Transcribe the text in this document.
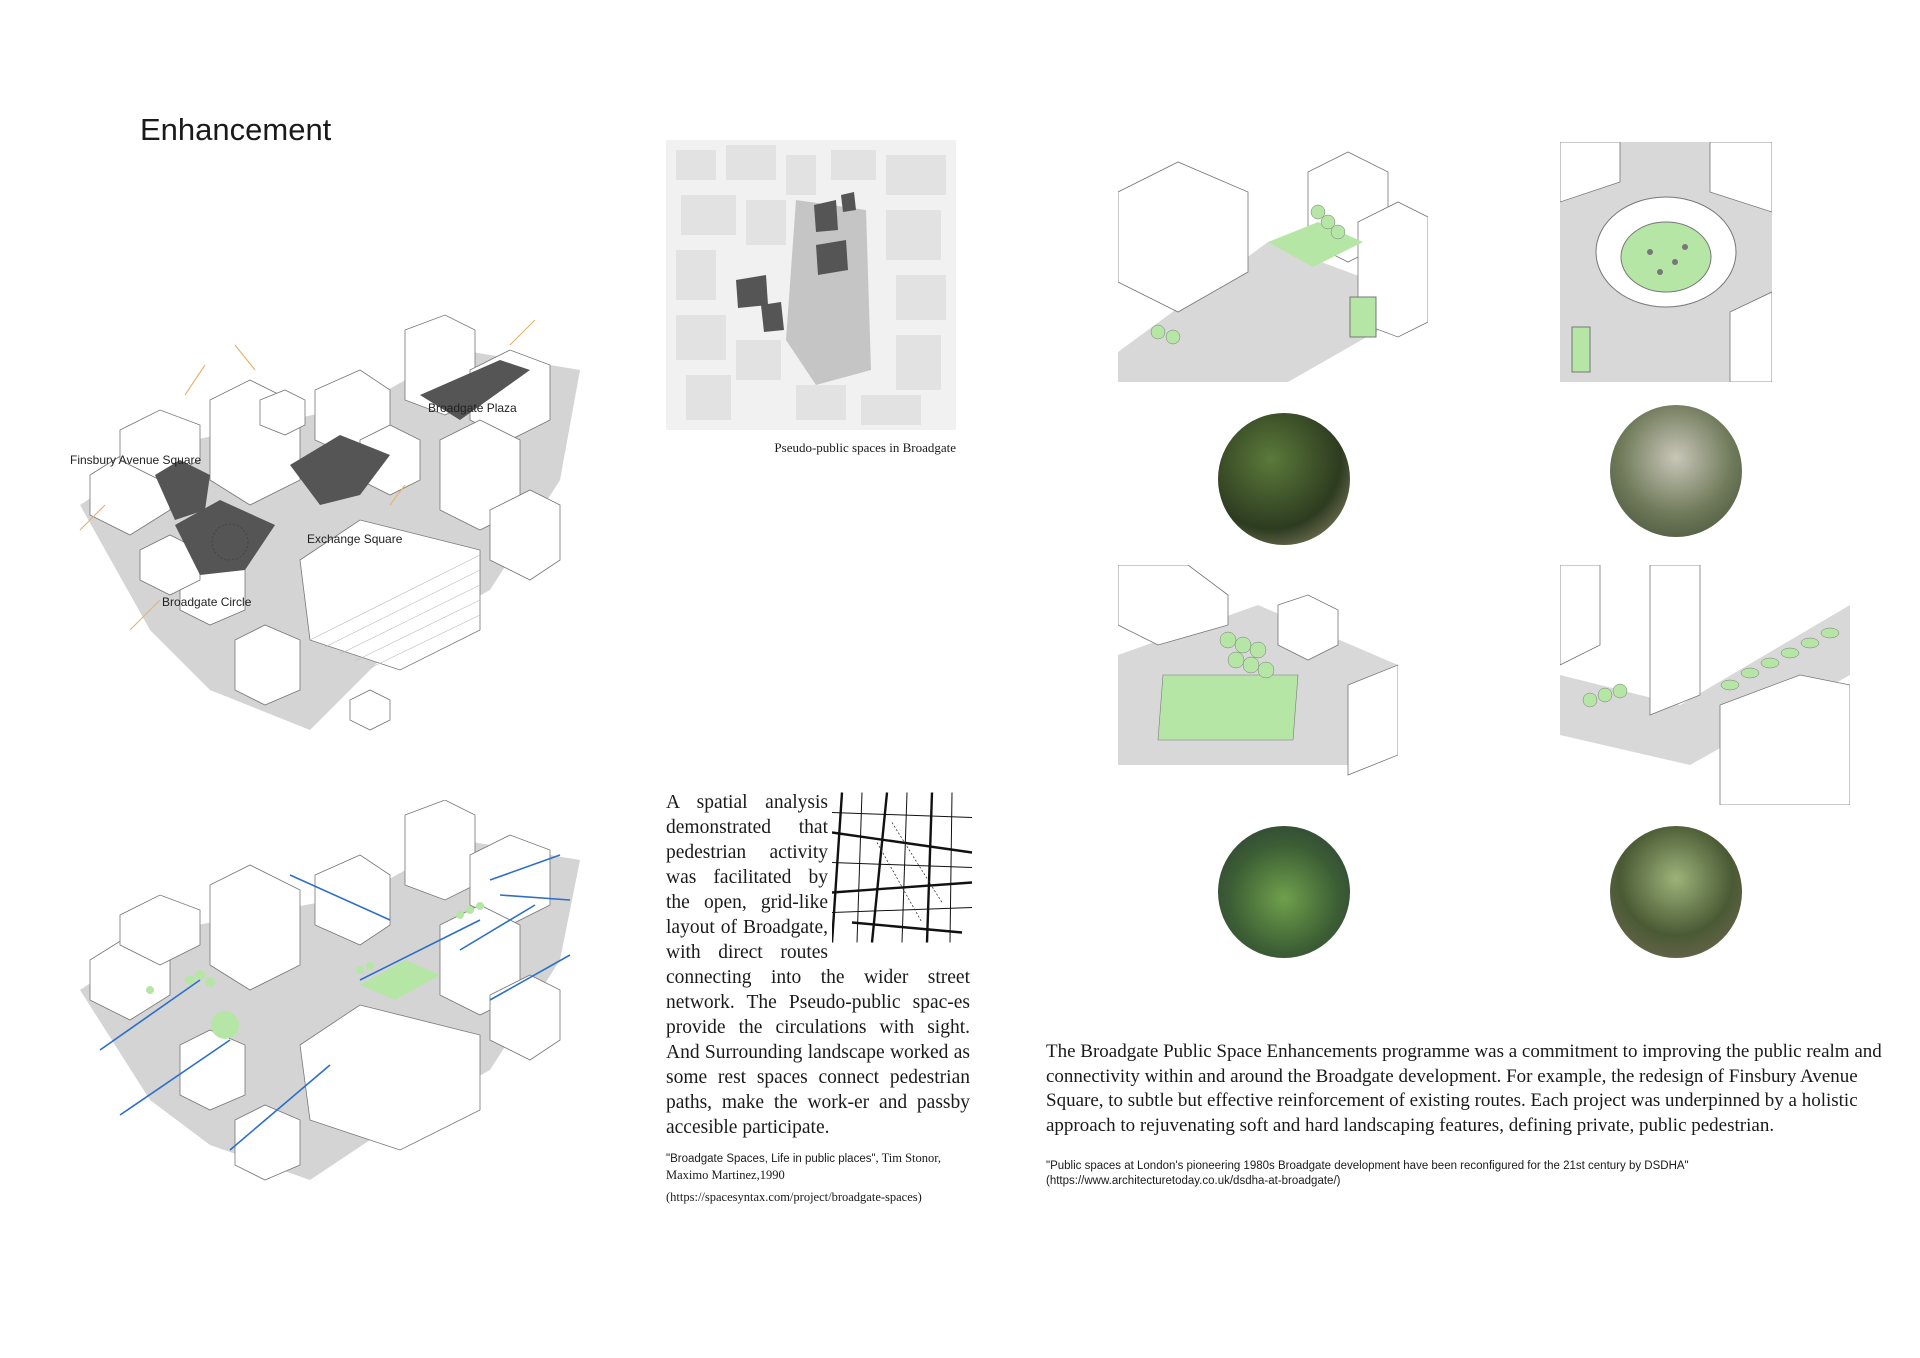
Enhancement
Broadgate Plaza
Finsbury Avenue Square
Exchange Square
Broadgate Circle
Pseudo-public spaces in Broadgate
A spatial analysis demonstrated that pedestrian activity was facilitated by the open, grid-like layout of Broadgate, with direct routes connecting into the wider street network. The Pseudo-public spac-es provide the circulations with sight. And Surrounding landscape worked as some rest spaces connect pedestrian paths, make the work-er and passby accesible participate.
"Broadgate Spaces, Life in public places", Tim Stonor, Maximo Martinez,1990
(https://spacesyntax.com/project/broadgate-spaces)
The Broadgate Public Space Enhancements programme was a commitment to improving the public realm and connectivity within and around the Broadgate development. For example, the redesign of Finsbury Avenue Square, to subtle but effective reinforcement of existing routes. Each project was underpinned by a holistic approach to rejuvenating soft and hard landscaping features, defining private, public pedestrian.
"Public spaces at London's pioneering 1980s Broadgate development have been reconfigured for the 21st century by DSDHA"
(https://www.architecturetoday.co.uk/dsdha-at-broadgate/)
